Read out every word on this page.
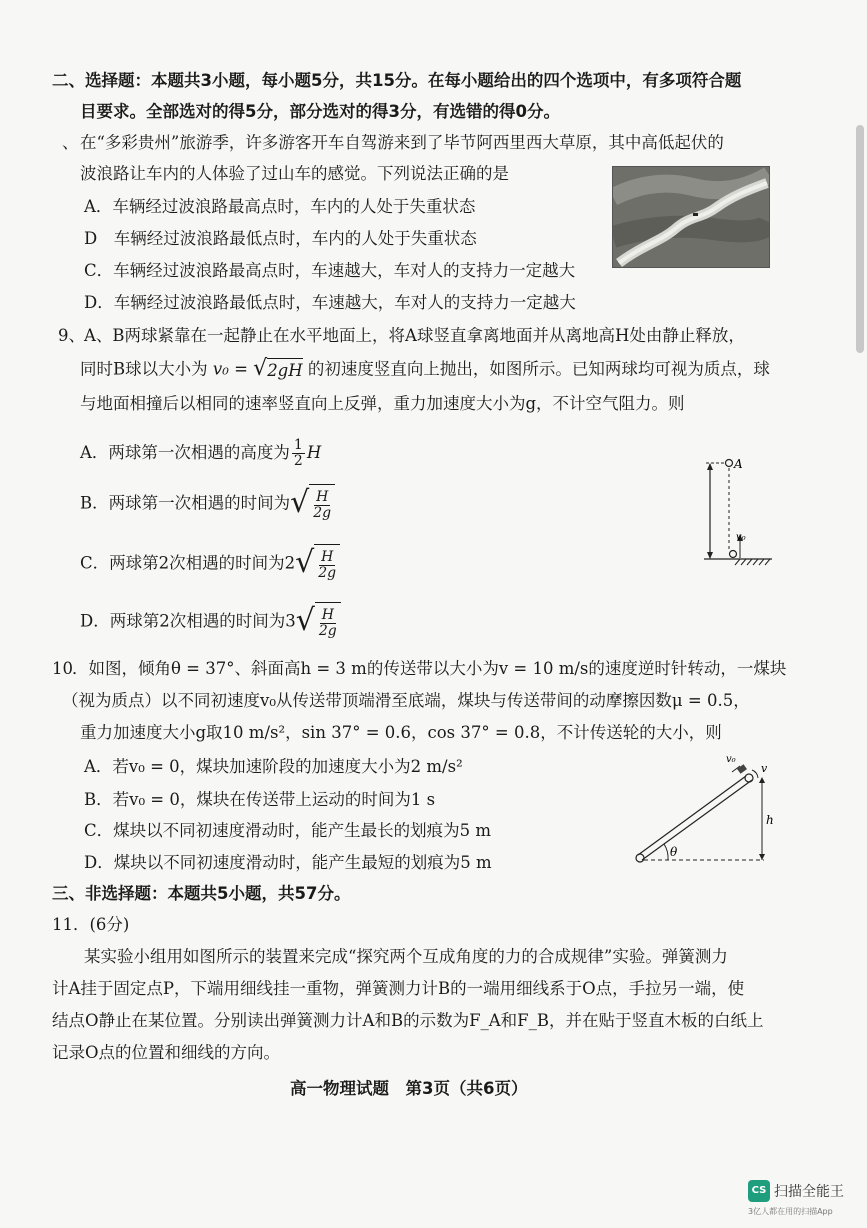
二、选择题：本题共3小题，每小题5分，共15分。在每小题给出的四个选项中，有多项符合题
目要求。全部选对的得5分，部分选对的得3分，有选错的得0分。
、 在“多彩贵州”旅游季，许多游客开车自驾游来到了毕节阿西里西大草原，其中高低起伏的
波浪路让车内的人体验了过山车的感觉。下列说法正确的是
A．车辆经过波浪路最高点时，车内的人处于失重状态
D　车辆经过波浪路最低点时，车内的人处于失重状态
C．车辆经过波浪路最高点时，车速越大，车对人的支持力一定越大
D．车辆经过波浪路最低点时，车速越大，车对人的支持力一定越大
9、 A、B两球紧靠在一起静止在水平地面上，将A球竖直拿离地面并从离地高H处由静止释放，
同时B球以大小为 v₀ = √ 2gH 的初速度竖直向上抛出，如图所示。已知两球均可视为质点，球
与地面相撞后以相同的速率竖直向上反弹，重力加速度大小为g，不计空气阻力。则
A．两球第一次相遇的高度为 $\frac{1}{2}$ H
B．两球第一次相遇的时间为 √ $\frac{H}{2g}$
C．两球第2次相遇的时间为2 √ $\frac{H}{2g}$
D．两球第2次相遇的时间为3 √ $\frac{H}{2g}$
A
v₀
10 ．如图，倾角θ = 37°、斜面高h = 3 m的传送带以大小为v = 10 m/s的速度逆时针转动，一煤块
（视为质点）以不同初速度v₀从传送带顶端滑至底端，煤块与传送带间的动摩擦因数μ = 0.5，
重力加速度大小g取10 m/s²，sin 37° = 0.6，cos 37° = 0.8，不计传送轮的大小，则
A．若v₀ = 0，煤块加速阶段的加速度大小为2 m/s²
B．若v₀ = 0，煤块在传送带上运动的时间为1 s
C．煤块以不同初速度滑动时，能产生最长的划痕为5 m
D．煤块以不同初速度滑动时，能产生最短的划痕为5 m
h
θ
v₀
v
三、非选择题：本题共5小题，共57分。
11．(6分)
某实验小组用如图所示的装置来完成“探究两个互成角度的力的合成规律”实验。弹簧测力
计A挂于固定点P，下端用细线挂一重物，弹簧测力计B的一端用细线系于O点，手拉另一端，使
结点O静止在某位置。分别读出弹簧测力计A和B的示数为F_A和F_B，并在贴于竖直木板的白纸上
记录O点的位置和细线的方向。
高一物理试题　第3页（共6页）
CS 扫描全能王
3亿人都在用的扫描App
